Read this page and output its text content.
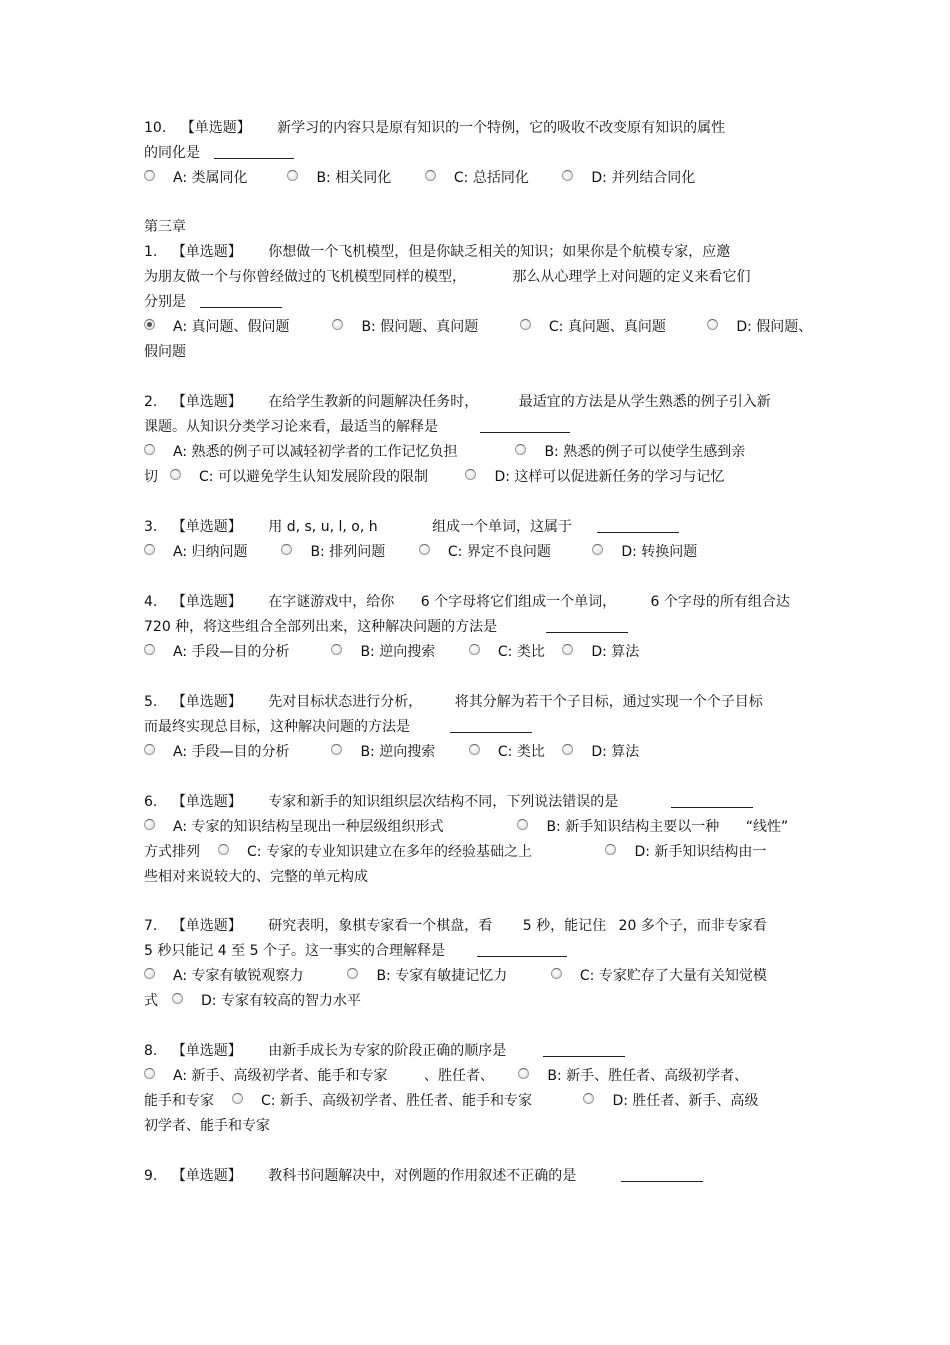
10. 【单选题】 新学习的内容只是原有知识的一个特例，它的吸收不改变原有知识的属性
的同化是
A: 类属同化	B: 相关同化	C: 总括同化	D: 并列结合同化
第三章
1. 【单选题】 你想做一个飞机模型，但是你缺乏相关的知识；如果你是个航模专家，应邀
为朋友做一个与你曾经做过的飞机模型同样的模型，	那么从心理学上对问题的定义来看它们
分别是
A: 真问题、假问题	B: 假问题、真问题	C: 真问题、真问题	D: 假问题、
假问题
2. 【单选题】 在给学生教新的问题解决任务时，	最适宜的方法是从学生熟悉的例子引入新
课题。从知识分类学习论来看，最适当的解释是
A: 熟悉的例子可以减轻初学者的工作记忆负担	B: 熟悉的例子可以使学生感到亲
切	C: 可以避免学生认知发展阶段的限制	D: 这样可以促进新任务的学习与记忆
3. 【单选题】 用 d, s, u, l, o, h	组成一个单词，这属于
A: 归纳问题	B: 排列问题	C: 界定不良问题	D: 转换问题
4. 【单选题】 在字谜游戏中，给你 6 个字母将它们组成一个单词， 6 个字母的所有组合达
720 种，将这些组合全部列出来，这种解决问题的方法是
A: 手段—目的分析	B: 逆向搜索	C: 类比	D: 算法
5. 【单选题】 先对目标状态进行分析， 将其分解为若干个子目标，通过实现一个个子目标
而最终实现总目标，这种解决问题的方法是
A: 手段—目的分析	B: 逆向搜索	C: 类比	D: 算法
6. 【单选题】 专家和新手的知识组织层次结构不同，下列说法错误的是
A: 专家的知识结构呈现出一种层级组织形式	B: 新手知识结构主要以一种 “线性”
方式排列	C: 专家的专业知识建立在多年的经验基础之上	D: 新手知识结构由一
些相对来说较大的、完整的单元构成
7. 【单选题】 研究表明，象棋专家看一个棋盘，看 5 秒，能记住 20 多个子，而非专家看
5 秒只能记 4 至 5 个子。这一事实的合理解释是
A: 专家有敏锐观察力	B: 专家有敏捷记忆力	C: 专家贮存了大量有关知觉模
式	D: 专家有较高的智力水平
8. 【单选题】 由新手成长为专家的阶段正确的顺序是
A: 新手、高级初学者、能手和专家	、胜任者、	B: 新手、胜任者、高级初学者、
能手和专家	C: 新手、高级初学者、胜任者、能手和专家	D: 胜任者、新手、高级
初学者、能手和专家
9. 【单选题】 教科书问题解决中，对例题的作用叙述不正确的是
